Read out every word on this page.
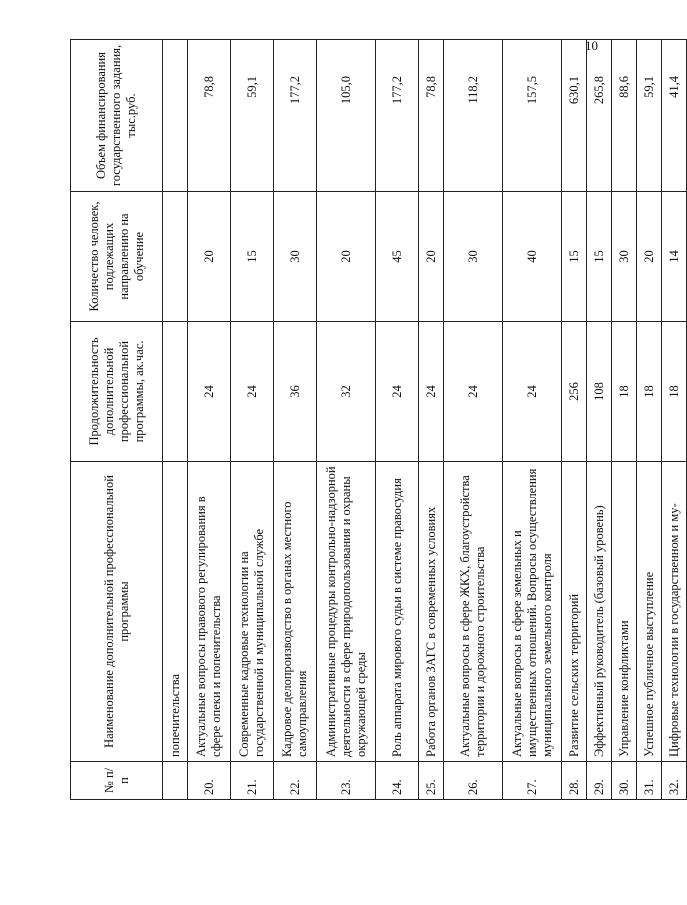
10
№ п/п	Наименование дополнительной профессиональной программы	Продолжительность дополнительной профессиональной программы, ак.час.	Количество человек, подлежащих направлению на обучение	Объем финансирования государственного задания, тыс.руб.
	попечительства			
20.	Актуальные вопросы правового регулирования в сфере опеки и попечительства	24	20	78,8
21.	Современные кадровые технологии на государственной и муниципальной службе	24	15	59,1
22.	Кадровое делопроизводство в органах местного самоуправления	36	30	177,2
23.	Административные процедуры контрольно-надзорной деятельности в сфере природопользования и охраны окружающей среды	32	20	105,0
24.	Роль аппарата мирового судьи в системе правосудия	24	45	177,2
25.	Работа органов ЗАГС в современных условиях	24	20	78,8
26.	Актуальные вопросы в сфере ЖКХ, благоустройства территории и дорожного строительства	24	30	118,2
27.	Актуальные вопросы в сфере земельных и имущественных отношений. Вопросы осуществления муниципального земельного контроля	24	40	157,5
28.	Развитие сельских территорий	256	15	630,1
29.	Эффективный руководитель (базовый уровень)	108	15	265,8
30.	Управление конфликтами	18	30	88,6
31.	Успешное публичное выступление	18	20	59,1
32.	Цифровые технологии в государственном и му-	18	14	41,4
